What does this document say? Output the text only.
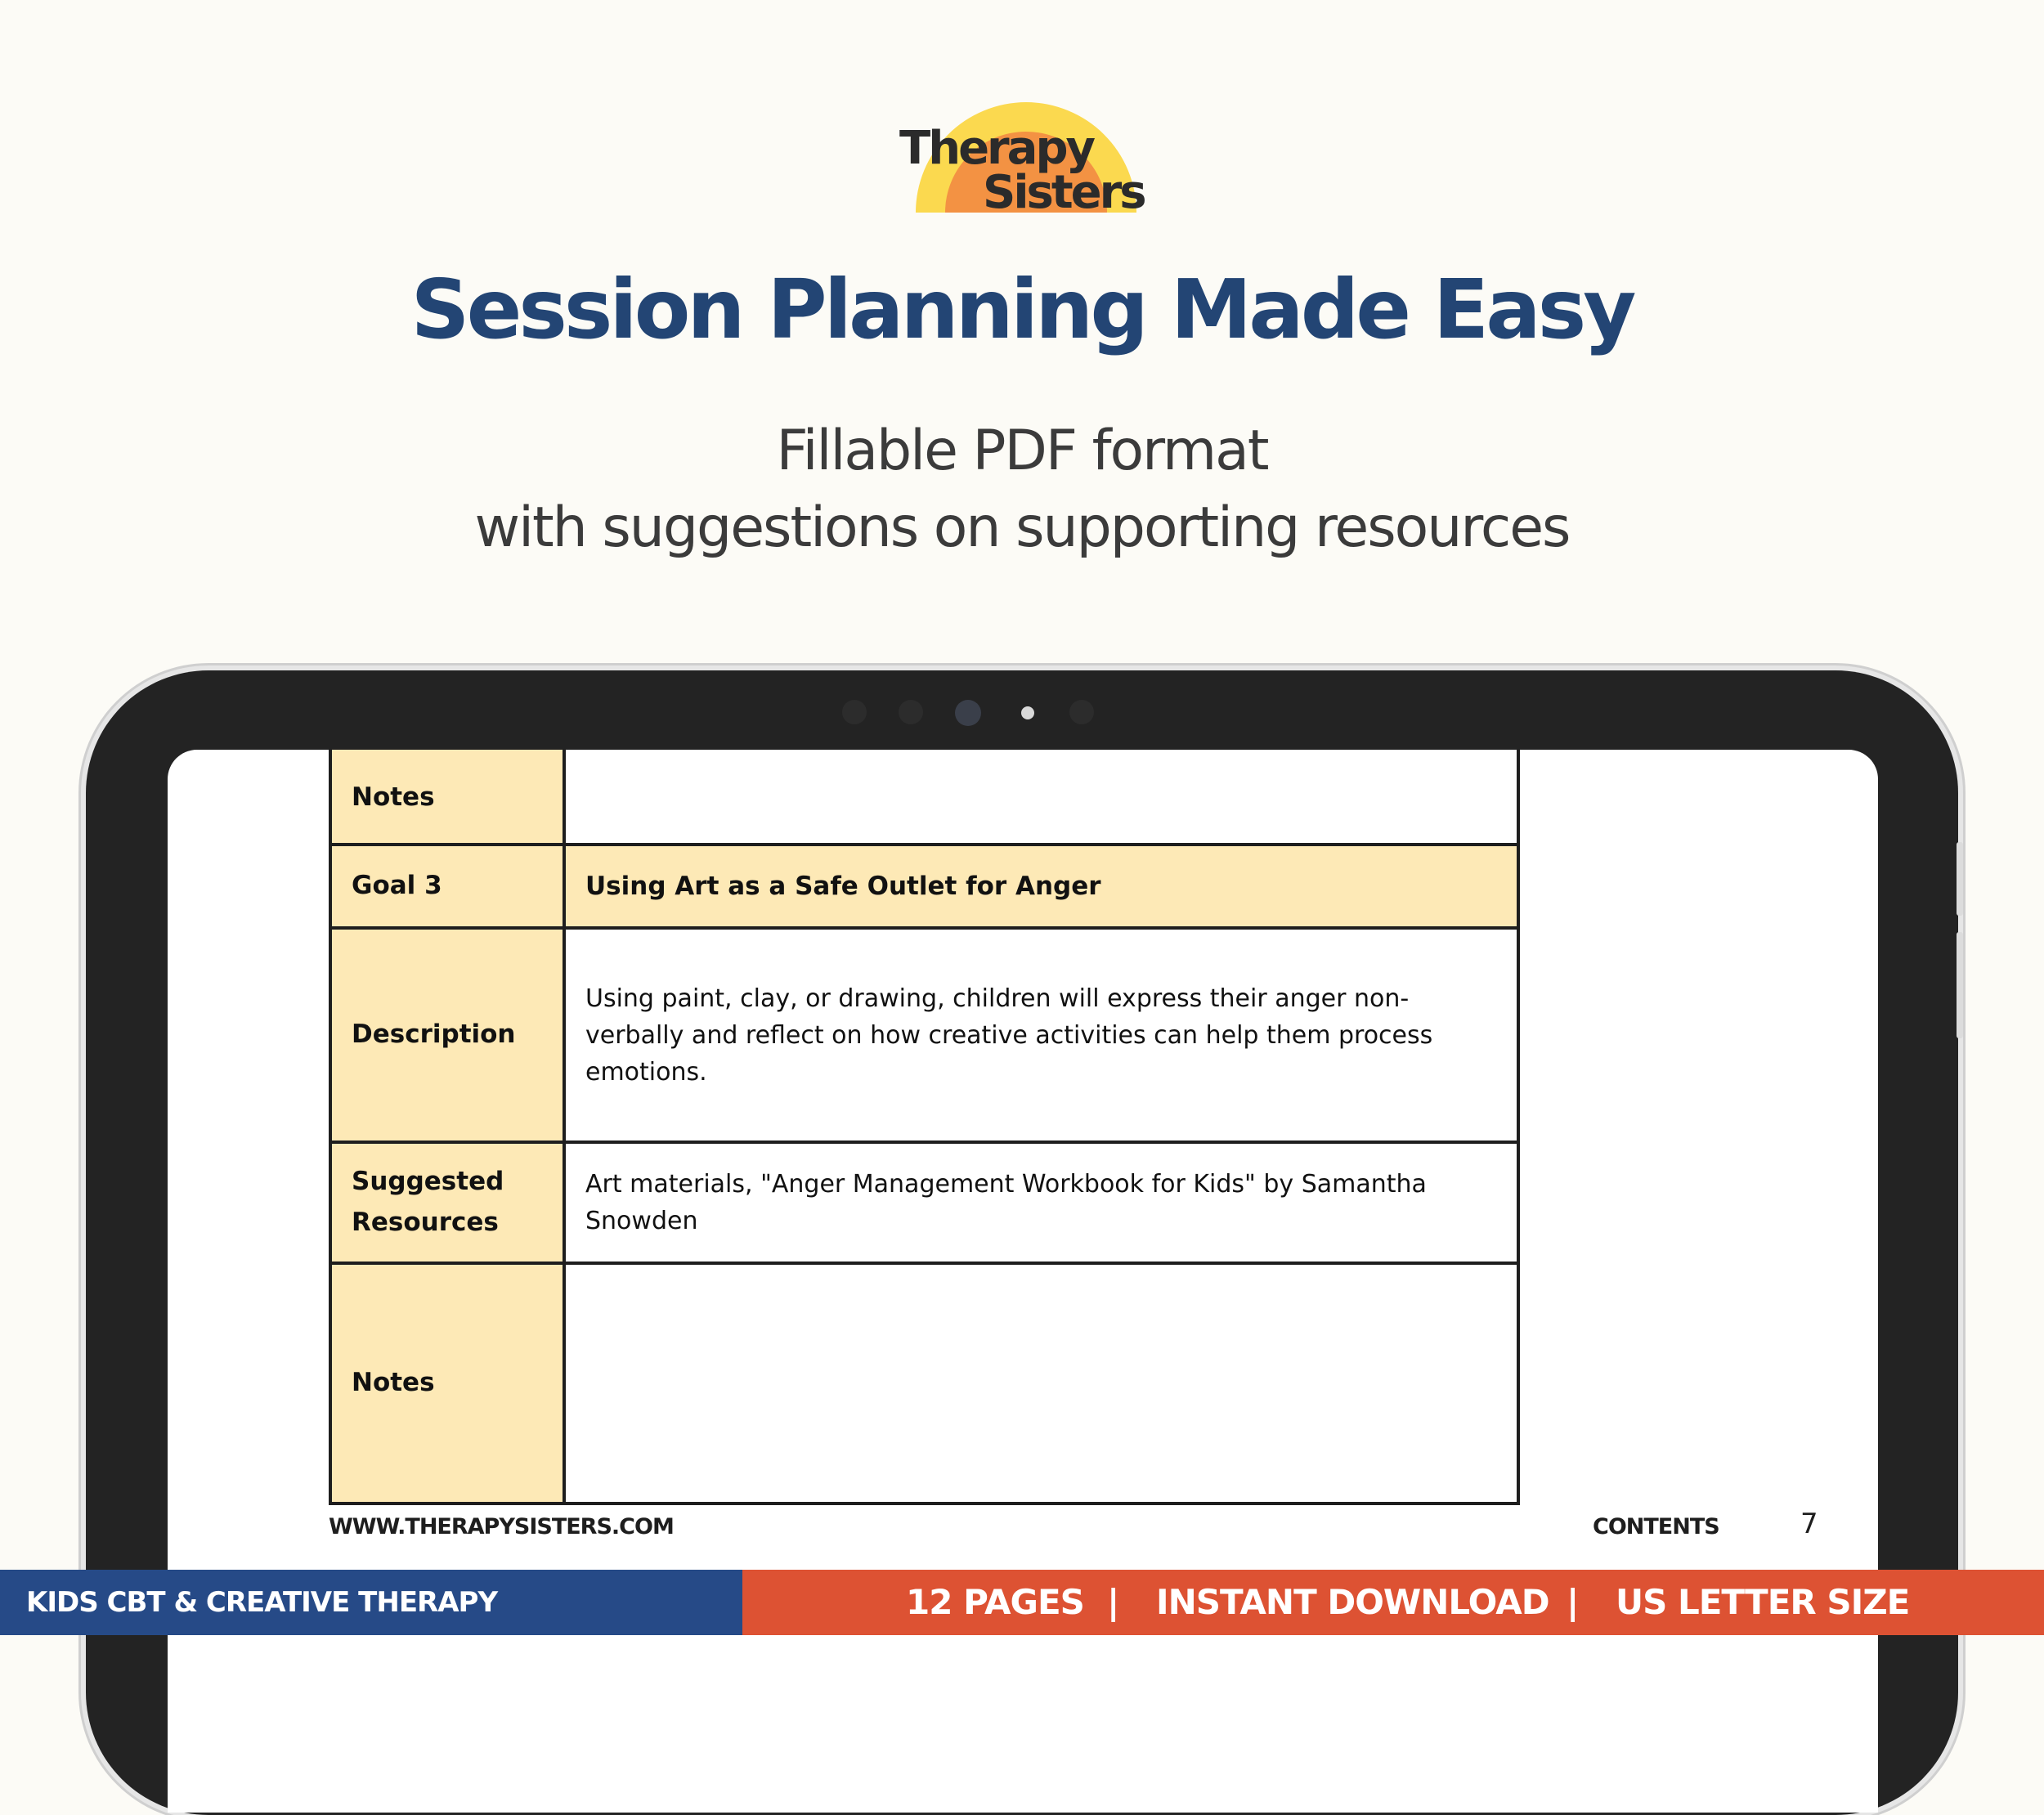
Therapy
Sisters
Session Planning Made Easy

Fillable PDF format

with suggestions on supporting resources

Notes	
Goal 3	Using Art as a Safe Outlet for Anger
Description	Using paint, clay, or drawing, children will express their anger non-verbally and reflect on how creative activities can help them process emotions.
Suggested Resources	Art materials, "Anger Management Workbook for Kids" by Samantha Snowden
Notes	
WWW.THERAPYSISTERS.COM	CONTENTS	7
KIDS CBT & CREATIVE THERAPY	12 PAGES | INSTANT DOWNLOAD | US LETTER SIZE
